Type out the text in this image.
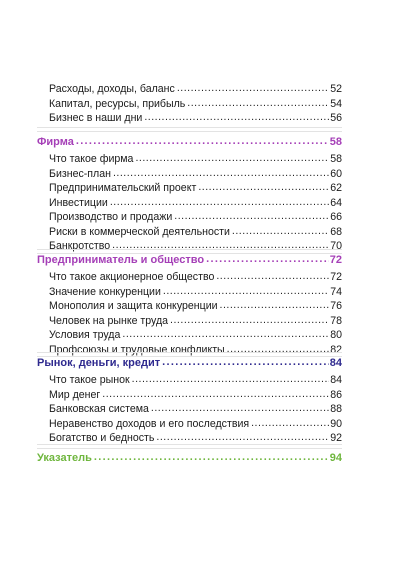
Расходы, доходы, баланс .....	52
Капитал, ресурсы, прибыль .....	54
Бизнес в наши дни .....	56
Фирма .....	58
Что такое фирма .....	58
Бизнес-план .....	60
Предпринимательский проект .....	62
Инвестиции .....	64
Производство и продажи .....	66
Риски в коммерческой деятельности .....	68
Банкротство .....	70
Предприниматель и общество .....	72
Что такое акционерное общество .....	72
Значение конкуренции .....	74
Монополия и защита конкуренции .....	76
Человек на рынке труда .....	78
Условия труда .....	80
Профсоюзы и трудовые конфликты .....	82
Рынок, деньги, кредит .....	84
Что такое рынок .....	84
Мир денег .....	86
Банковская система .....	88
Неравенство доходов и его последствия .....	90
Богатство и бедность .....	92
Указатель .....	94
